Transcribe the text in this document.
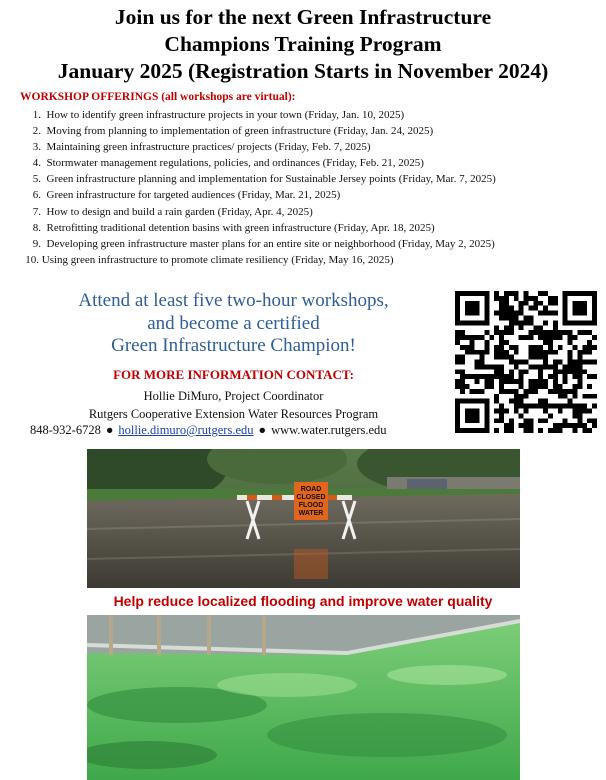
Join us for the next Green Infrastructure
Champions Training Program
January 2025 (Registration Starts in November 2024)
WORKSHOP OFFERINGS (all workshops are virtual):
1. How to identify green infrastructure projects in your town (Friday, Jan. 10, 2025)
2. Moving from planning to implementation of green infrastructure (Friday, Jan. 24, 2025)
3. Maintaining green infrastructure practices/ projects (Friday, Feb. 7, 2025)
4. Stormwater management regulations, policies, and ordinances (Friday, Feb. 21, 2025)
5. Green infrastructure planning and implementation for Sustainable Jersey points (Friday, Mar. 7, 2025)
6. Green infrastructure for targeted audiences (Friday, Mar. 21, 2025)
7. How to design and build a rain garden (Friday, Apr. 4, 2025)
8. Retrofitting traditional detention basins with green infrastructure (Friday, Apr. 18, 2025)
9. Developing green infrastructure master plans for an entire site or neighborhood (Friday, May 2, 2025)
10. Using green infrastructure to promote climate resiliency (Friday, May 16, 2025)
Attend at least five two-hour workshops,
and become a certified
Green Infrastructure Champion!
FOR MORE INFORMATION CONTACT:
Hollie DiMuro, Project Coordinator
Rutgers Cooperative Extension Water Resources Program
848-932-6728 ● hollie.dimuro@rutgers.edu ● www.water.rutgers.edu
ROAD
CLOSED
FLOOD
WATER
Help reduce localized flooding and improve water quality
